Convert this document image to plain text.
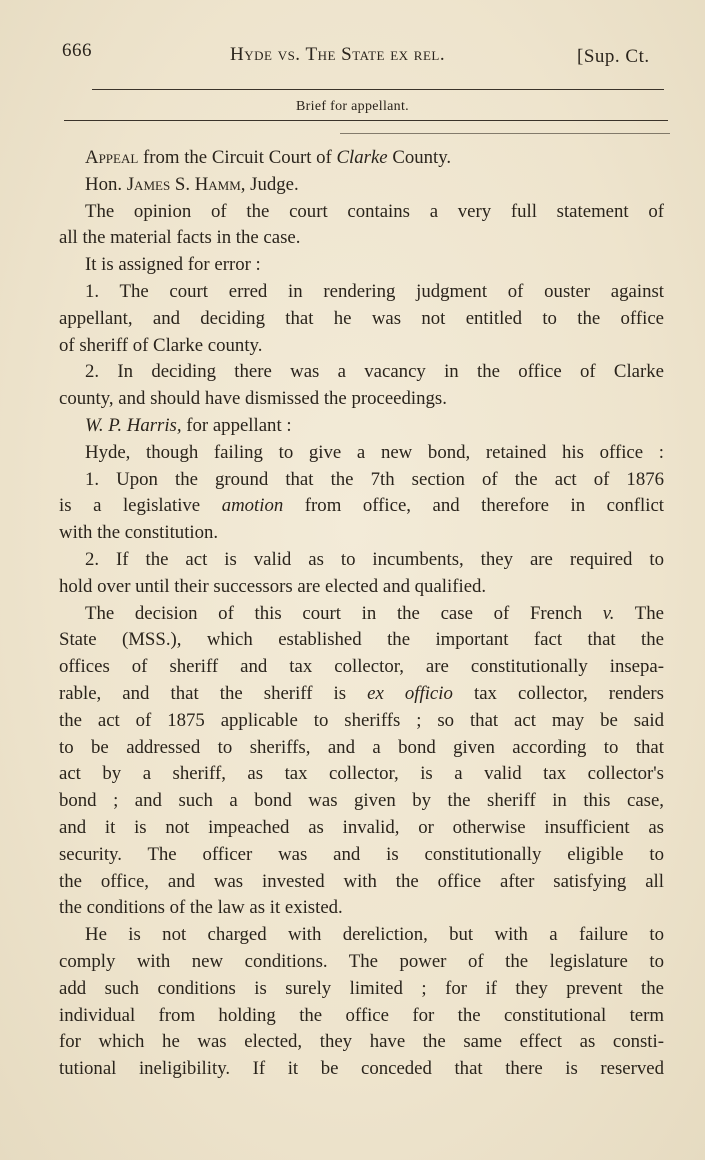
666	Hyde vs. The State ex rel.	[Sup. Ct.
Brief for appellant.
Appeal from the Circuit Court of Clarke County.
Hon. James S. Hamm, Judge.
The opinion of the court contains a very full statement of
all the material facts in the case.
It is assigned for error :
1. The court erred in rendering judgment of ouster against
appellant, and deciding that he was not entitled to the office
of sheriff of Clarke county.
2. In deciding there was a vacancy in the office of Clarke
county, and should have dismissed the proceedings.
W. P. Harris, for appellant :
Hyde, though failing to give a new bond, retained his office :
1. Upon the ground that the 7th section of the act of 1876
is a legislative amotion from office, and therefore in conflict
with the constitution.
2. If the act is valid as to incumbents, they are required to
hold over until their successors are elected and qualified.
The decision of this court in the case of French v. The
State (MSS.), which established the important fact that the
offices of sheriff and tax collector, are constitutionally insepa-
rable, and that the sheriff is ex officio tax collector, renders
the act of 1875 applicable to sheriffs ; so that act may be said
to be addressed to sheriffs, and a bond given according to that
act by a sheriff, as tax collector, is a valid tax collector's
bond ; and such a bond was given by the sheriff in this case,
and it is not impeached as invalid, or otherwise insufficient as
security. The officer was and is constitutionally eligible to
the office, and was invested with the office after satisfying all
the conditions of the law as it existed.
He is not charged with dereliction, but with a failure to
comply with new conditions. The power of the legislature to
add such conditions is surely limited ; for if they prevent the
individual from holding the office for the constitutional term
for which he was elected, they have the same effect as consti-
tutional ineligibility. If it be conceded that there is reserved
